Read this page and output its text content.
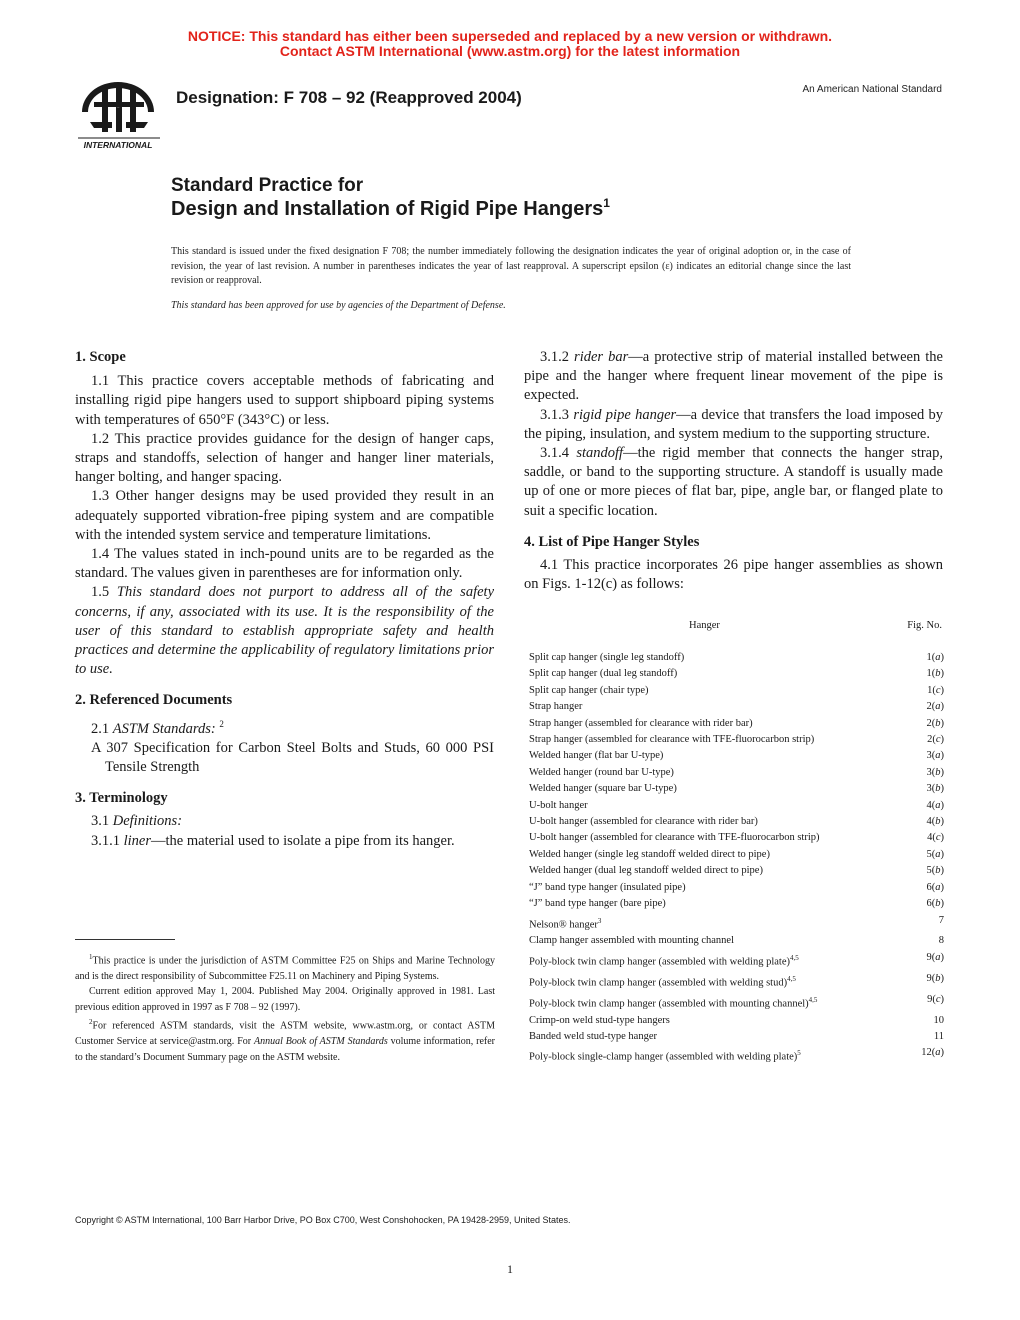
NOTICE: This standard has either been superseded and replaced by a new version or withdrawn.
Contact ASTM International (www.astm.org) for the latest information
INTERNATIONAL
ASTM
Designation: F 708 – 92 (Reapproved 2004)	An American National Standard
Standard Practice for
Design and Installation of Rigid Pipe Hangers$^1$
This standard is issued under the fixed designation F 708; the number immediately following the designation indicates the year of original adoption or, in the case of revision, the year of last revision. A number in parentheses indicates the year of last reapproval. A superscript epsilon (ε) indicates an editorial change since the last revision or reapproval.
This standard has been approved for use by agencies of the Department of Defense.

1. Scope

1.1 This practice covers acceptable methods of fabricating and installing rigid pipe hangers used to support shipboard piping systems with temperatures of 650°F (343°C) or less.

1.2 This practice provides guidance for the design of hanger caps, straps and standoffs, selection of hanger and hanger liner materials, hanger bolting, and hanger spacing.

1.3 Other hanger designs may be used provided they result in an adequately supported vibration-free piping system and are compatible with the intended system service and temperature limitations.

1.4 The values stated in inch-pound units are to be regarded as the standard. The values given in parentheses are for information only.

1.5 This standard does not purport to address all of the safety concerns, if any, associated with its use. It is the responsibility of the user of this standard to establish appropriate safety and health practices and determine the applicability of regulatory limitations prior to use.

2. Referenced Documents

2.1 ASTM Standards: $^2$

A 307 Specification for Carbon Steel Bolts and Studs, 60 000 PSI Tensile Strength

3. Terminology

3.1 Definitions:

3.1.1 liner—the material used to isolate a pipe from its hanger.

$^1$This practice is under the jurisdiction of ASTM Committee F25 on Ships and Marine Technology and is the direct responsibility of Subcommittee F25.11 on Machinery and Piping Systems.

Current edition approved May 1, 2004. Published May 2004. Originally approved in 1981. Last previous edition approved in 1997 as F 708 – 92 (1997).

$^2$For referenced ASTM standards, visit the ASTM website, www.astm.org, or contact ASTM Customer Service at service@astm.org. For Annual Book of ASTM Standards volume information, refer to the standard’s Document Summary page on the ASTM website.

3.1.2 rider bar—a protective strip of material installed between the pipe and the hanger where frequent linear movement of the pipe is expected.

3.1.3 rigid pipe hanger—a device that transfers the load imposed by the piping, insulation, and system medium to the supporting structure.

3.1.4 standoff—the rigid member that connects the hanger strap, saddle, or band to the supporting structure. A standoff is usually made up of one or more pieces of flat bar, pipe, angle bar, or flanged plate to suit a specific location.

4. List of Pipe Hanger Styles

4.1 This practice incorporates 26 pipe hanger assemblies as shown on Figs. 1-12(c) as follows:

Hanger	Fig. No.
Split cap hanger (single leg standoff)	1(a)
Split cap hanger (dual leg standoff)	1(b)
Split cap hanger (chair type)	1(c)
Strap hanger	2(a)
Strap hanger (assembled for clearance with rider bar)	2(b)
Strap hanger (assembled for clearance with TFE-fluorocarbon strip)	2(c)
Welded hanger (flat bar U-type)	3(a)
Welded hanger (round bar U-type)	3(b)
Welded hanger (square bar U-type)	3(b)
U-bolt hanger	4(a)
U-bolt hanger (assembled for clearance with rider bar)	4(b)
U-bolt hanger (assembled for clearance with TFE-fluorocarbon strip)	4(c)
Welded hanger (single leg standoff welded direct to pipe)	5(a)
Welded hanger (dual leg standoff welded direct to pipe)	5(b)
“J” band type hanger (insulated pipe)	6(a)
“J” band type hanger (bare pipe)	6(b)
Nelson® hanger$^3$	7
Clamp hanger assembled with mounting channel	8
Poly-block twin clamp hanger (assembled with welding plate)$^{4,5}$	9(a)
Poly-block twin clamp hanger (assembled with welding stud)$^{4,5}$	9(b)
Poly-block twin clamp hanger (assembled with mounting channel)$^{4,5}$	9(c)
Crimp-on weld stud-type hangers	10
Banded weld stud-type hanger	11
Poly-block single-clamp hanger (assembled with welding plate)$^5$	12(a)
Copyright © ASTM International, 100 Barr Harbor Drive, PO Box C700, West Conshohocken, PA 19428-2959, United States.
1
